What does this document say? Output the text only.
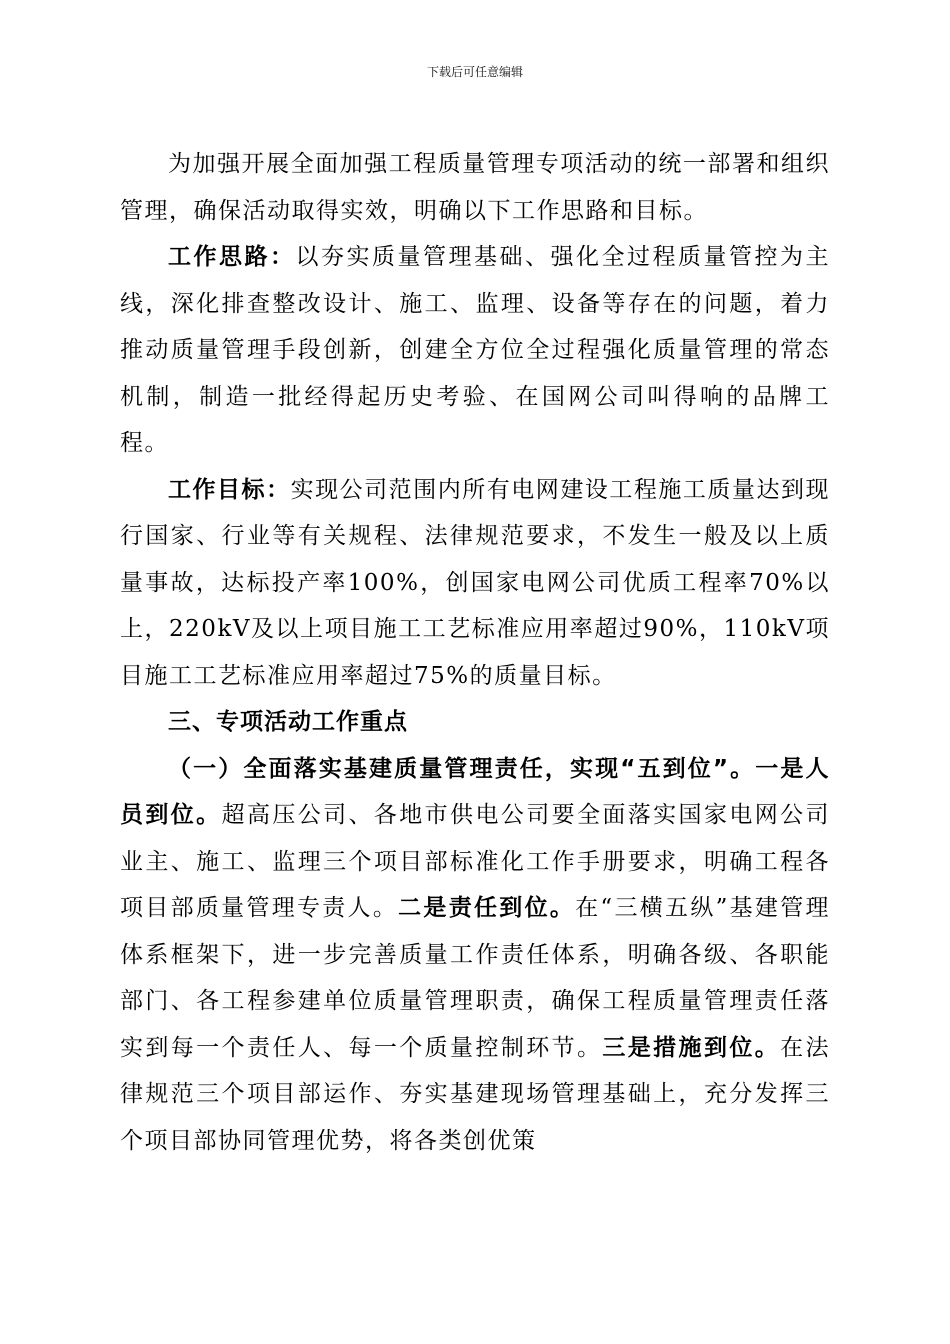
下载后可任意编辑

为加强开展全面加强工程质量管理专项活动的统一部署和组织管理，确保活动取得实效，明确以下工作思路和目标。

工作思路：以夯实质量管理基础、强化全过程质量管控为主线，深化排查整改设计、施工、监理、设备等存在的问题，着力推动质量管理手段创新，创建全方位全过程强化质量管理的常态机制，制造一批经得起历史考验、在国网公司叫得响的品牌工程。

工作目标：实现公司范围内所有电网建设工程施工质量达到现行国家、行业等有关规程、法律规范要求，不发生一般及以上质量事故，达标投产率100%，创国家电网公司优质工程率70%以上，220kV及以上项目施工工艺标准应用率超过90%，110kV项目施工工艺标准应用率超过75%的质量目标。

三、专项活动工作重点

（一）全面落实基建质量管理责任，实现“五到位”。一是人员到位。超高压公司、各地市供电公司要全面落实国家电网公司业主、施工、监理三个项目部标准化工作手册要求，明确工程各项目部质量管理专责人。二是责任到位。在“三横五纵”基建管理体系框架下，进一步完善质量工作责任体系，明确各级、各职能部门、各工程参建单位质量管理职责，确保工程质量管理责任落实到每一个责任人、每一个质量控制环节。三是措施到位。在法律规范三个项目部运作、夯实基建现场管理基础上，充分发挥三个项目部协同管理优势，将各类创优策
